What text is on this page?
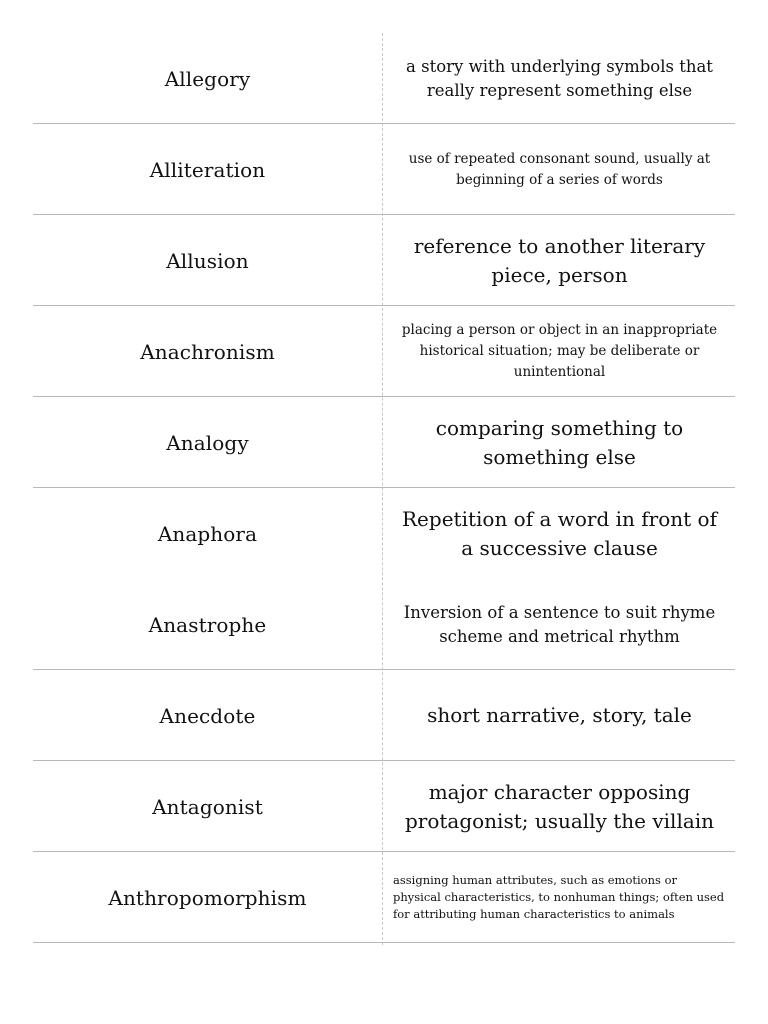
Allegory
a story with underlying symbols that really represent something else
Alliteration	use of repeated consonant sound, usually at beginning of a series of words
Allusion
reference to another literary piece, person
Anachronism
placing a person or object in an inappropriate historical situation; may be deliberate or unintentional
Analogy
comparing something to something else
Anaphora
Repetition of a word in front of a successive clause
Anastrophe
Inversion of a sentence to suit rhyme scheme and metrical rhythm
Anecdote	short narrative, story, tale
Antagonist
major character opposing protagonist; usually the villain
Anthropomorphism
assigning human attributes, such as emotions or physical characteristics, to nonhuman things; often used for attributing human characteristics to animals
